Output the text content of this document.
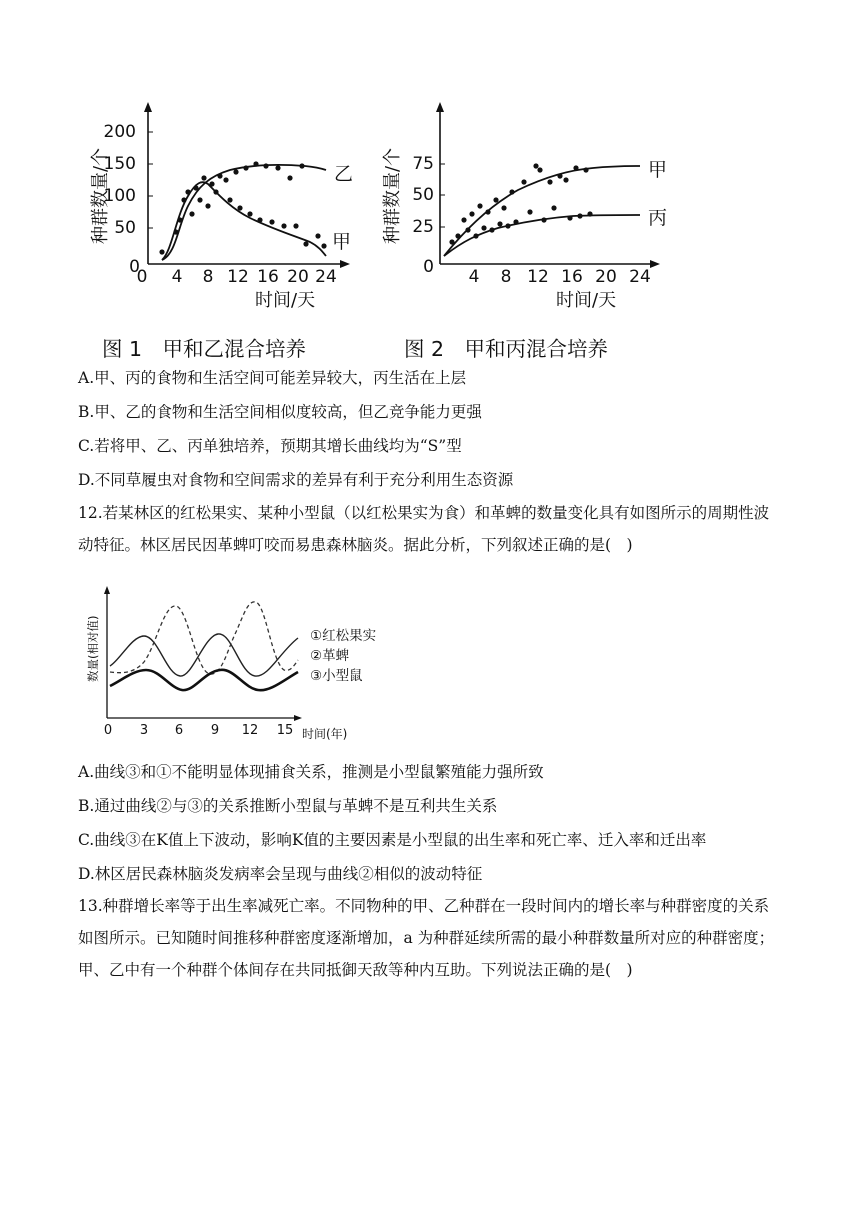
200
150
100
50
0 4 8 12 16 20 24
0
种群数量/个
时间/天
乙
甲
75
50
25
0 4 8 12 16 20 24
种群数量/个
时间/天
甲
丙
图 1　甲和乙混合培养	图 2　甲和丙混合培养
A.甲、丙的食物和生活空间可能差异较大，丙生活在上层
B.甲、乙的食物和生活空间相似度较高，但乙竞争能力更强
C.若将甲、乙、丙单独培养，预期其增长曲线均为“S”型
D.不同草履虫对食物和空间需求的差异有利于充分利用生态资源
12.若某林区的红松果实、某种小型鼠（以红松果实为食）和革蜱的数量变化具有如图所示的周期性波动特征。林区居民因革蜱叮咬而易患森林脑炎。据此分析，下列叙述正确的是(　)
数量(相对值)
0 3 6 9 12 15 时间(年)
①红松果实
②革蜱
③小型鼠
A.曲线③和①不能明显体现捕食关系，推测是小型鼠繁殖能力强所致
B.通过曲线②与③的关系推断小型鼠与革蜱不是互利共生关系
C.曲线③在K值上下波动，影响K值的主要因素是小型鼠的出生率和死亡率、迁入率和迁出率
D.林区居民森林脑炎发病率会呈现与曲线②相似的波动特征
13.种群增长率等于出生率减死亡率。不同物种的甲、乙种群在一段时间内的增长率与种群密度的关系如图所示。已知随时间推移种群密度逐渐增加，a 为种群延续所需的最小种群数量所对应的种群密度；甲、乙中有一个种群个体间存在共同抵御天敌等种内互助。下列说法正确的是(　)
